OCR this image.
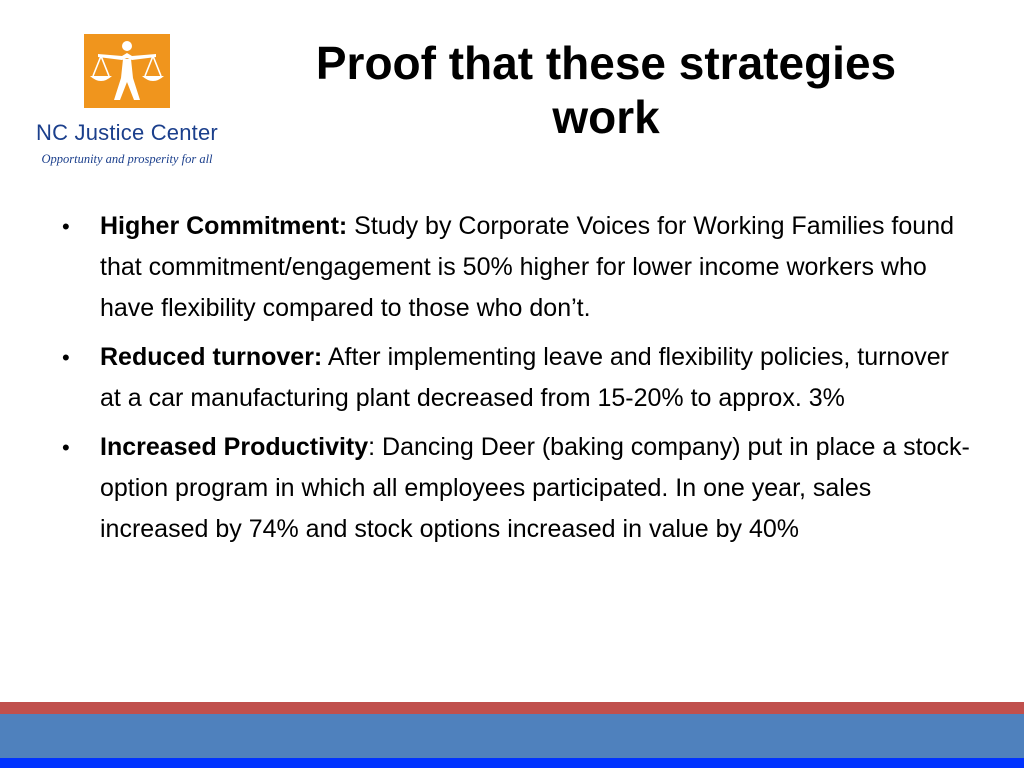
NC Justice Center
Opportunity and prosperity for all
Proof that these strategies
work
• Higher Commitment: Study by Corporate Voices for Working Families found that commitment/engagement is 50% higher for lower income workers who have flexibility compared to those who don’t.
• Reduced turnover: After implementing leave and flexibility policies, turnover at a car manufacturing plant decreased from 15-20% to approx. 3%
• Increased Productivity: Dancing Deer (baking company) put in place a stock-option program in which all employees participated. In one year, sales increased by 74% and stock options increased in value by 40%
